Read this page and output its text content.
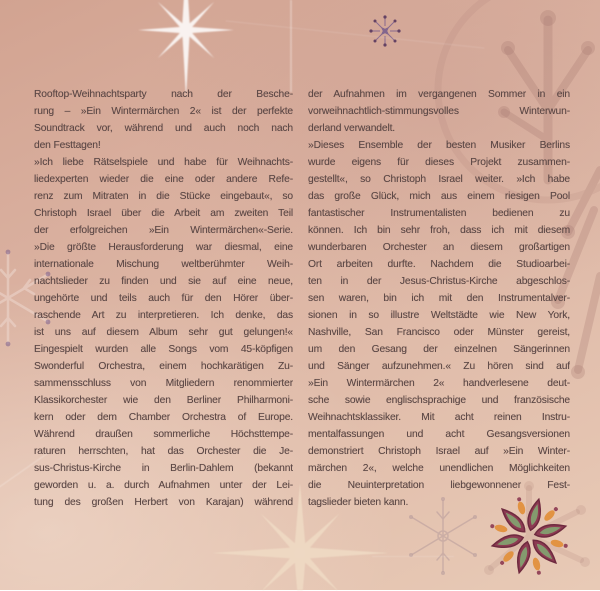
Rooftop-Weihnachtsparty nach der Besche-
rung – »Ein Wintermärchen 2« ist der perfekte
Soundtrack vor, während und auch noch nach
den Festtagen!
»Ich liebe Rätselspiele und habe für Weihnachts-
liedexperten wieder die eine oder andere Refe-
renz zum Mitraten in die Stücke eingebaut«, so
Christoph Israel über die Arbeit am zweiten Teil
der erfolgreichen »Ein Wintermärchen«-Serie.
»Die größte Herausforderung war diesmal, eine
internationale Mischung weltberühmter Weih-
nachtslieder zu finden und sie auf eine neue,
ungehörte und teils auch für den Hörer über-
raschende Art zu interpretieren. Ich denke, das
ist uns auf diesem Album sehr gut gelungen!«
Eingespielt wurden alle Songs vom 45-köpfigen
Swonderful Orchestra, einem hochkarätigen Zu-
sammensschluss von Mitgliedern renommierter
Klassikorchester wie den Berliner Philharmoni-
kern oder dem Chamber Orchestra of Europe.
Während draußen sommerliche Höchsttempe-
raturen herrschten, hat das Orchester die Je-
sus-Christus-Kirche in Berlin-Dahlem (bekannt
geworden u. a. durch Aufnahmen unter der Lei-
tung des großen Herbert von Karajan) während
der Aufnahmen im vergangenen Sommer in ein
vorweihnachtlich-stimmungsvolles Winterwun-
derland verwandelt.
»Dieses Ensemble der besten Musiker Berlins
wurde eigens für dieses Projekt zusammen-
gestellt«, so Christoph Israel weiter. »Ich habe
das große Glück, mich aus einem riesigen Pool
fantastischer Instrumentalisten bedienen zu
können. Ich bin sehr froh, dass ich mit diesem
wunderbaren Orchester an diesem großartigen
Ort arbeiten durfte. Nachdem die Studioarbei-
ten in der Jesus-Christus-Kirche abgeschlos-
sen waren, bin ich mit den Instrumentalver-
sionen in so illustre Weltstädte wie New York,
Nashville, San Francisco oder Münster gereist,
um den Gesang der einzelnen Sängerinnen
und Sänger aufzunehmen.« Zu hören sind auf
»Ein Wintermärchen 2« handverlesene deut-
sche sowie englischsprachige und französische
Weihnachtsklassiker. Mit acht reinen Instru-
mentalfassungen und acht Gesangsversionen
demonstriert Christoph Israel auf »Ein Winter-
märchen 2«, welche unendlichen Möglichkeiten
die Neuinterpretation liebgewonnener Fest-
tagslieder bieten kann.
